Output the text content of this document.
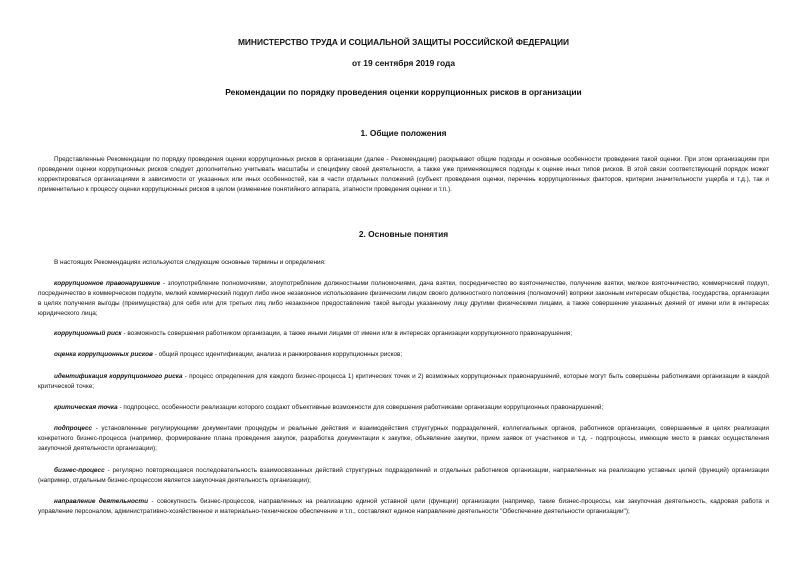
МИНИСТЕРСТВО ТРУДА И СОЦИАЛЬНОЙ ЗАЩИТЫ РОССИЙСКОЙ ФЕДЕРАЦИИ
от 19 сентября 2019 года
Рекомендации по порядку проведения оценки коррупционных рисков в организации
1. Общие положения
Представленные Рекомендации по порядку проведения оценки коррупционных рисков в организации (далее - Рекомендации) раскрывают общие подходы и основные особенности проведения такой оценки. При этом организациям при проведении оценки коррупционных рисков следует дополнительно учитывать масштабы и специфику своей деятельности, а также уже применяющиеся подходы к оценке иных типов рисков. В этой связи соответствующий порядок может корректироваться организациями в зависимости от указанных или иных особенностей, как в части отдельных положений (субъект проведения оценки, перечень коррупциогенных факторов, критерии значительности ущерба и т.д.), так и применительно к процессу оценки коррупционных рисков в целом (изменение понятийного аппарата, этапности проведения оценки и т.п.).
2. Основные понятия
В настоящих Рекомендациях используются следующие основные термины и определения:
коррупционное правонарушение - злоупотребление полномочиями, злоупотребление должностными полномочиями, дача взятки, посредничество во взяточничестве, получение взятки, мелкое взяточничество, коммерческий подкуп, посредничество в коммерческом подкупе, мелкий коммерческий подкуп либо иное незаконное использование физическим лицом своего должностного положения (полномочий) вопреки законным интересам общества, государства, организации в целях получения выгоды (преимущества) для себя или для третьих лиц либо незаконное предоставление такой выгоды указанному лицу другими физическими лицами, а также совершение указанных деяний от имени или в интересах юридического лица;
коррупционный риск - возможность совершения работником организации, а также иными лицами от имени или в интересах организации коррупционного правонарушения;
оценка коррупционных рисков - общий процесс идентификации, анализа и ранжирования коррупционных рисков;
идентификация коррупционного риска - процесс определения для каждого бизнес-процесса 1) критических точек и 2) возможных коррупционных правонарушений, которые могут быть совершены работниками организации в каждой критической точке;
критическая точка - подпроцесс, особенности реализации которого создают объективные возможности для совершения работниками организации коррупционных правонарушений;
подпроцесс - установленные регулирующими документами процедуры и реальные действия и взаимодействия структурных подразделений, коллегиальных органов, работников организации, совершаемые в целях реализации конкретного бизнес-процесса (например, формирование плана проведения закупок, разработка документации к закупке, объявление закупки, прием заявок от участников и т.д. - подпроцессы, имеющие место в рамках осуществления закупочной деятельности организации);
бизнес-процесс - регулярно повторяющаяся последовательность взаимосвязанных действий структурных подразделений и отдельных работников организации, направленных на реализацию уставных целей (функций) организации (например, отдельным бизнес-процессом является закупочная деятельность организации);
направление деятельности - совокупность бизнес-процессов, направленных на реализацию единой уставной цели (функции) организации (например, такие бизнес-процессы, как закупочная деятельность, кадровая работа и управление персоналом, административно-хозяйственное и материально-техническое обеспечение и т.п., составляют единое направление деятельности "Обеспечение деятельности организации");
